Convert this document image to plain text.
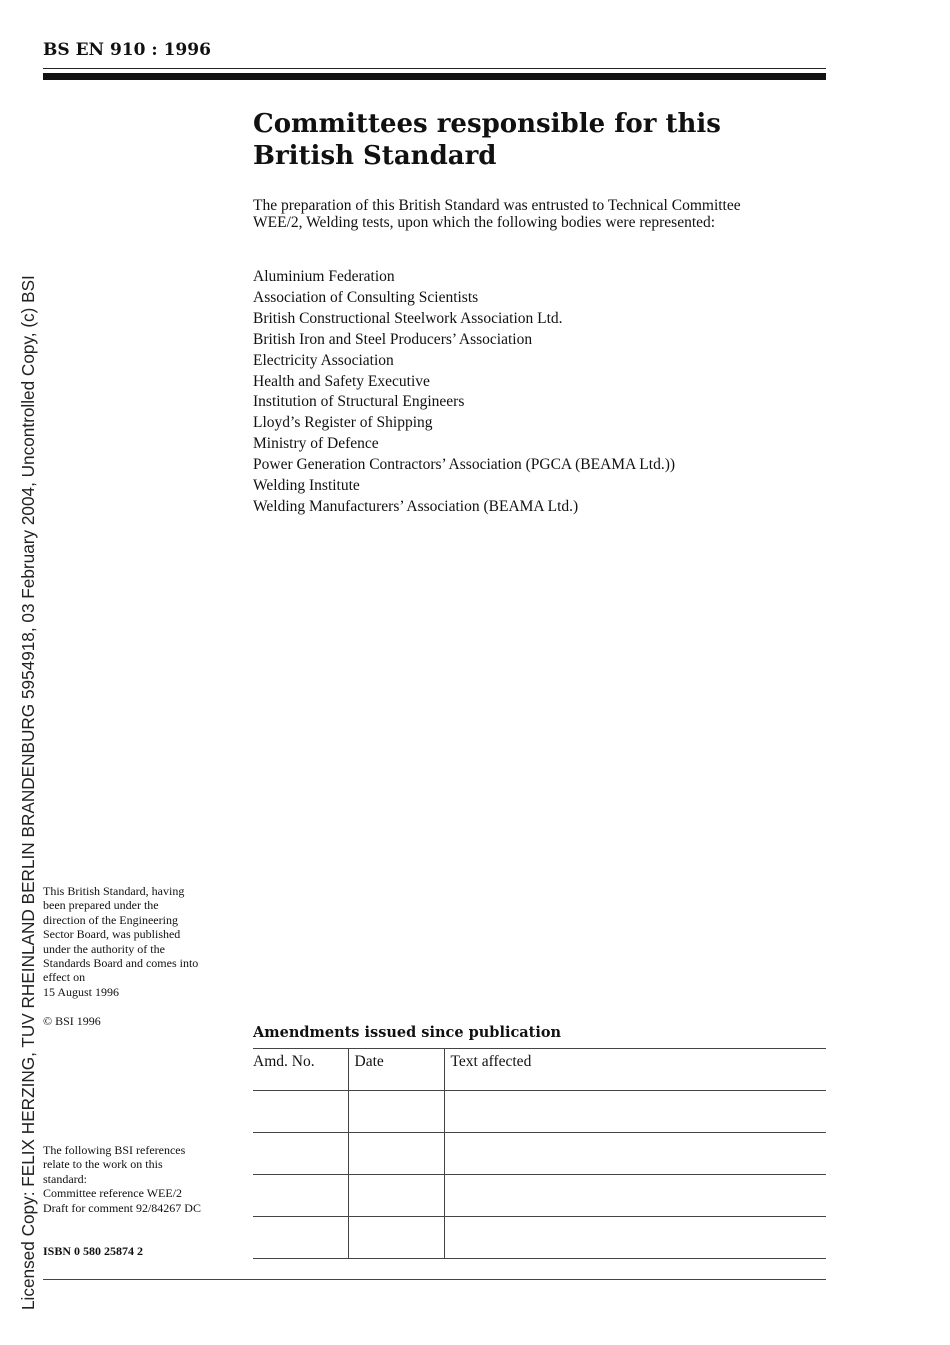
BS EN 910 : 1996
Licensed Copy: FELIX HERZING, TUV RHEINLAND BERLIN BRANDENBURG 5954918, 03 February 2004, Uncontrolled Copy, (c) BSI
Committees responsible for this
British Standard

The preparation of this British Standard was entrusted to Technical Committee
WEE/2, Welding tests, upon which the following bodies were represented:

Aluminium Federation
Association of Consulting Scientists
British Constructional Steelwork Association Ltd.
British Iron and Steel Producers’ Association
Electricity Association
Health and Safety Executive
Institution of Structural Engineers
Lloyd’s Register of Shipping
Ministry of Defence
Power Generation Contractors’ Association (PGCA (BEAMA Ltd.))
Welding Institute
Welding Manufacturers’ Association (BEAMA Ltd.)

This British Standard, having
been prepared under the
direction of the Engineering
Sector Board, was published
under the authority of the
Standards Board and comes into
effect on
15 August 1996

© BSI 1996

The following BSI references
relate to the work on this
standard:
Committee reference WEE/2
Draft for comment 92/84267 DC

ISBN 0 580 25874 2

Amendments issued since publication
Amd. No.	Date	Text affected
